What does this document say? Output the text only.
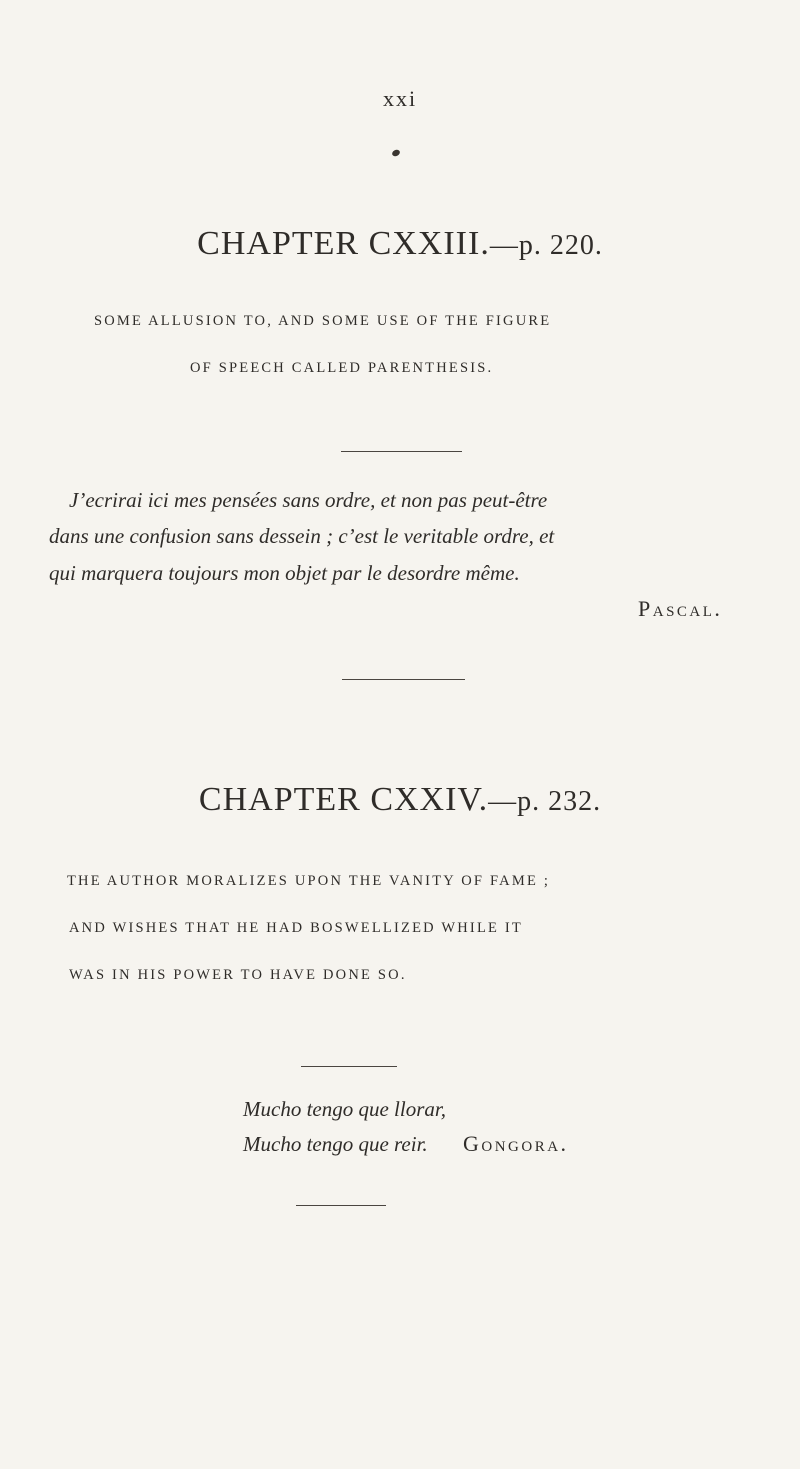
xxi
CHAPTER CXXIII.—p. 220.
SOME ALLUSION TO, AND SOME USE OF THE FIGURE
OF SPEECH CALLED PARENTHESIS.
J’ecrirai ici mes pensées sans ordre, et non pas peut-être
dans une confusion sans dessein ; c’est le veritable ordre, et
qui marquera toujours mon objet par le desordre même.
Pascal.
CHAPTER CXXIV.—p. 232.
THE AUTHOR MORALIZES UPON THE VANITY OF FAME ;
AND WISHES THAT HE HAD BOSWELLIZED WHILE IT
WAS IN HIS POWER TO HAVE DONE SO.
Mucho tengo que llorar,
Mucho tengo que reir. Gongora.
